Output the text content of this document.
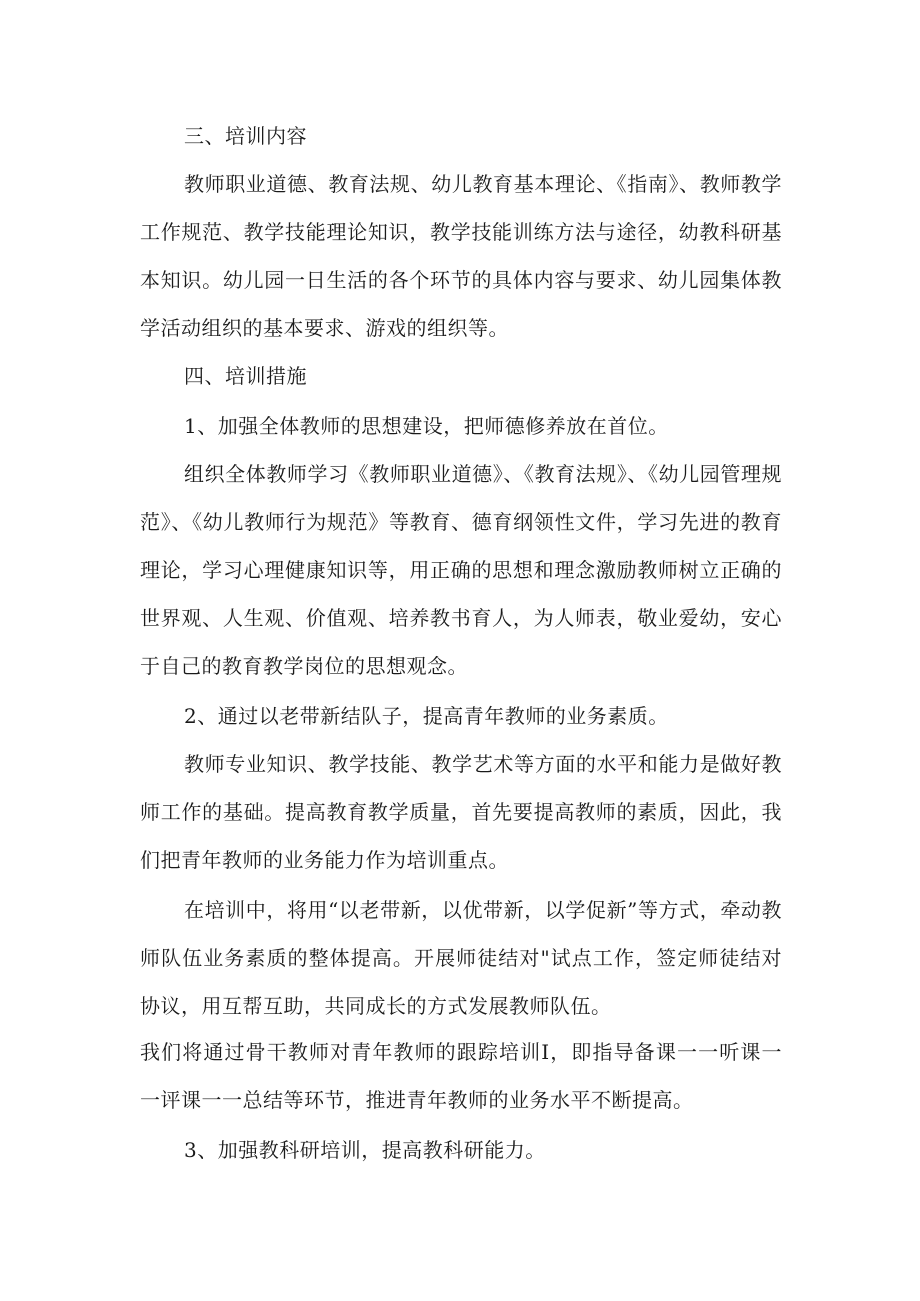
三、培训内容

教师职业道德、教育法规、幼儿教育基本理论、《指南》、教师教学工作规范、教学技能理论知识，教学技能训练方法与途径，幼教科研基本知识。幼儿园一日生活的各个环节的具体内容与要求、幼儿园集体教学活动组织的基本要求、游戏的组织等。

四、培训措施

1、加强全体教师的思想建设，把师德修养放在首位。

组织全体教师学习《教师职业道德》、《教育法规》、《幼儿园管理规范》、《幼儿教师行为规范》等教育、德育纲领性文件，学习先进的教育理论，学习心理健康知识等，用正确的思想和理念激励教师树立正确的世界观、人生观、价值观、培养教书育人，为人师表，敬业爱幼，安心于自己的教育教学岗位的思想观念。

2、通过以老带新结队子，提高青年教师的业务素质。

教师专业知识、教学技能、教学艺术等方面的水平和能力是做好教师工作的基础。提高教育教学质量，首先要提高教师的素质，因此，我们把青年教师的业务能力作为培训重点。

在培训中，将用“以老带新，以优带新，以学促新”等方式，牵动教师队伍业务素质的整体提高。开展师徒结对"试点工作，签定师徒结对协议，用互帮互助，共同成长的方式发展教师队伍。

我们将通过骨干教师对青年教师的跟踪培训I，即指导备课一一听课一一评课一一总结等环节，推进青年教师的业务水平不断提高。

3、加强教科研培训，提高教科研能力。
